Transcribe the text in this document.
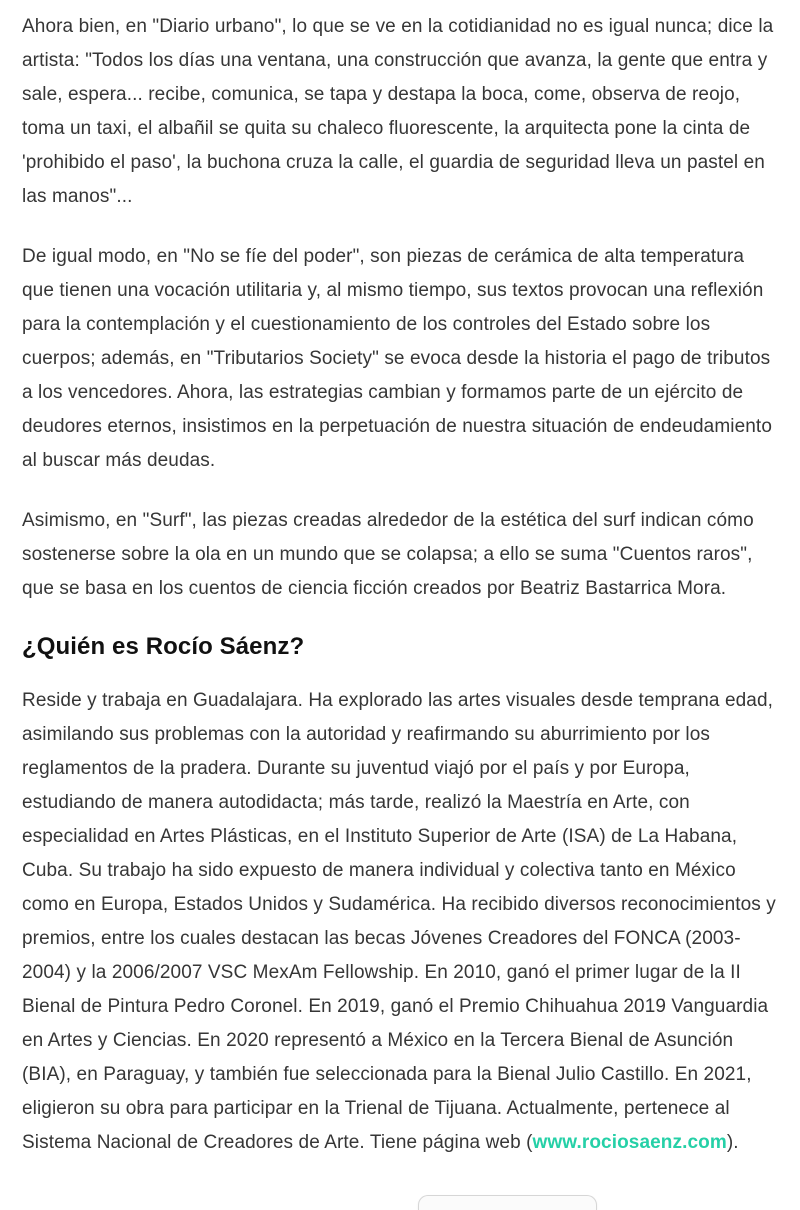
Ahora bien, en "Diario urbano", lo que se ve en la cotidianidad no es igual nunca; dice la artista: "Todos los días una ventana, una construcción que avanza, la gente que entra y sale, espera... recibe, comunica, se tapa y destapa la boca, come, observa de reojo, toma un taxi, el albañil se quita su chaleco fluorescente, la arquitecta pone la cinta de 'prohibido el paso', la buchona cruza la calle, el guardia de seguridad lleva un pastel en las manos"...

De igual modo, en "No se fíe del poder", son piezas de cerámica de alta temperatura que tienen una vocación utilitaria y, al mismo tiempo, sus textos provocan una reflexión para la contemplación y el cuestionamiento de los controles del Estado sobre los cuerpos; además, en "Tributarios Society" se evoca desde la historia el pago de tributos a los vencedores. Ahora, las estrategias cambian y formamos parte de un ejército de deudores eternos, insistimos en la perpetuación de nuestra situación de endeudamiento al buscar más deudas.

Asimismo, en "Surf", las piezas creadas alrededor de la estética del surf indican cómo sostenerse sobre la ola en un mundo que se colapsa; a ello se suma "Cuentos raros", que se basa en los cuentos de ciencia ficción creados por Beatriz Bastarrica Mora.

¿Quién es Rocío Sáenz?

Reside y trabaja en Guadalajara. Ha explorado las artes visuales desde temprana edad, asimilando sus problemas con la autoridad y reafirmando su aburrimiento por los reglamentos de la pradera. Durante su juventud viajó por el país y por Europa, estudiando de manera autodidacta; más tarde, realizó la Maestría en Arte, con especialidad en Artes Plásticas, en el Instituto Superior de Arte (ISA) de La Habana, Cuba. Su trabajo ha sido expuesto de manera individual y colectiva tanto en México como en Europa, Estados Unidos y Sudamérica. Ha recibido diversos reconocimientos y premios, entre los cuales destacan las becas Jóvenes Creadores del FONCA (2003-2004) y la 2006/2007 VSC MexAm Fellowship. En 2010, ganó el primer lugar de la II Bienal de Pintura Pedro Coronel. En 2019, ganó el Premio Chihuahua 2019 Vanguardia en Artes y Ciencias. En 2020 representó a México en la Tercera Bienal de Asunción (BIA), en Paraguay, y también fue seleccionada para la Bienal Julio Castillo. En 2021, eligieron su obra para participar en la Trienal de Tijuana. Actualmente, pertenece al Sistema Nacional de Creadores de Arte. Tiene página web (www.rociosaenz.com).
